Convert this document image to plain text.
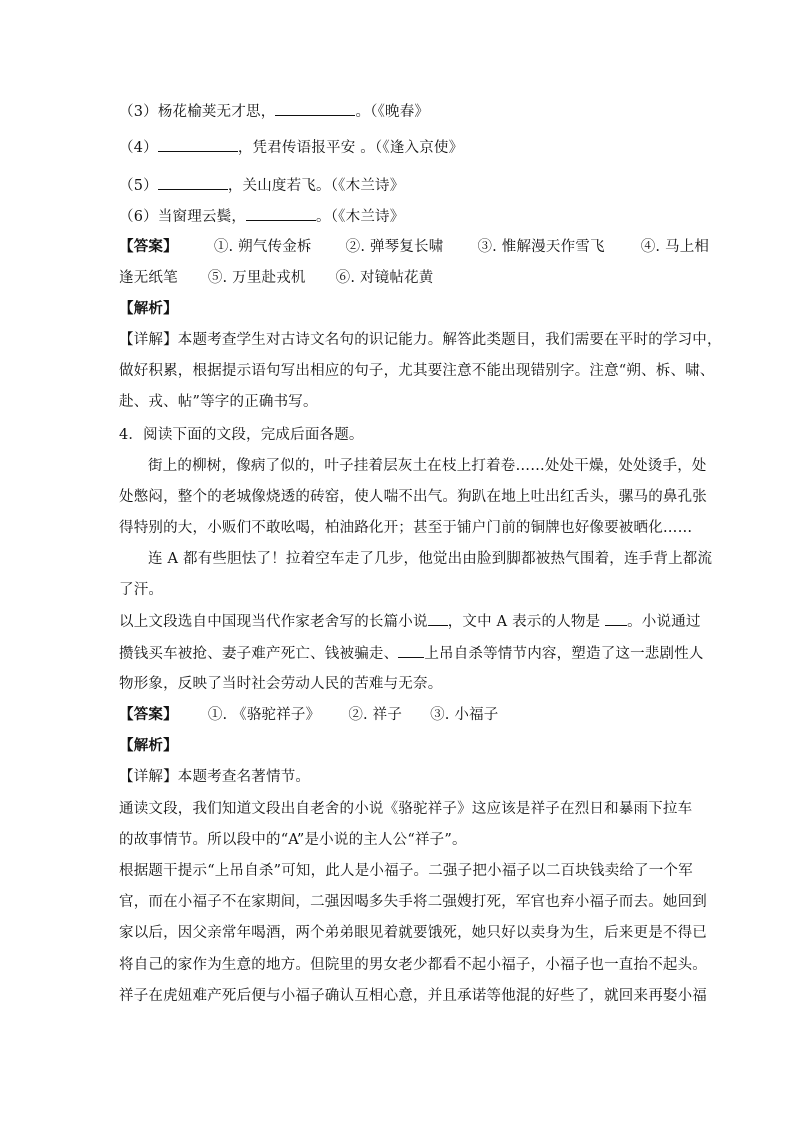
（3）杨花榆荚无才思，	。（《晚春》
（4）	，凭君传语报平安 。（《逢入京使》
（5）	，关山度若飞。（《木兰诗》
（6）当窗理云鬓，	。（《木兰诗》
【答案】 ①. 朔气传金柝 ②. 弹琴复长啸 ③. 惟解漫天作雪飞 ④. 马上相
逢无纸笔 ⑤. 万里赴戎机 ⑥. 对镜帖花黄
【解析】
【详解】本题考查学生对古诗文名句的识记能力。解答此类题目，我们需要在平时的学习中，
做好积累，根据提示语句写出相应的句子，尤其要注意不能出现错别字。注意“朔、柝、啸、
赴、戎、帖”等字的正确书写。
4．阅读下面的文段，完成后面各题。
街上的柳树，像病了似的，叶子挂着层灰土在枝上打着卷……处处干燥，处处烫手，处
处憋闷，整个的老城像烧透的砖窑，使人喘不出气。狗趴在地上吐出红舌头，骡马的鼻孔张
得特别的大，小贩们不敢吆喝，柏油路化开；甚至于铺户门前的铜牌也好像要被晒化……
连 A 都有些胆怯了！拉着空车走了几步，他觉出由脸到脚都被热气围着，连手背上都流
了汗。
以上文段选自中国现当代作家老舍写的长篇小说 ，文中 A 表示的人物是 。小说通过
攒钱买车被抢、妻子难产死亡、钱被骗走、 上吊自杀等情节内容，塑造了这一悲剧性人
物形象，反映了当时社会劳动人民的苦难与无奈。
【答案】 ①. 《骆驼祥子》 ②. 祥子 ③. 小福子
【解析】
【详解】本题考查名著情节。
通读文段，我们知道文段出自老舍的小说《骆驼祥子》这应该是祥子在烈日和暴雨下拉车
的故事情节。所以段中的“A”是小说的主人公“祥子”。
根据题干提示“上吊自杀”可知，此人是小福子。二强子把小福子以二百块钱卖给了一个军
官，而在小福子不在家期间，二强因喝多失手将二强嫂打死，军官也弃小福子而去。她回到
家以后，因父亲常年喝酒，两个弟弟眼见着就要饿死，她只好以卖身为生，后来更是不得已
将自己的家作为生意的地方。但院里的男女老少都看不起小福子，小福子也一直抬不起头。
祥子在虎妞难产死后便与小福子确认互相心意，并且承诺等他混的好些了，就回来再娶小福
